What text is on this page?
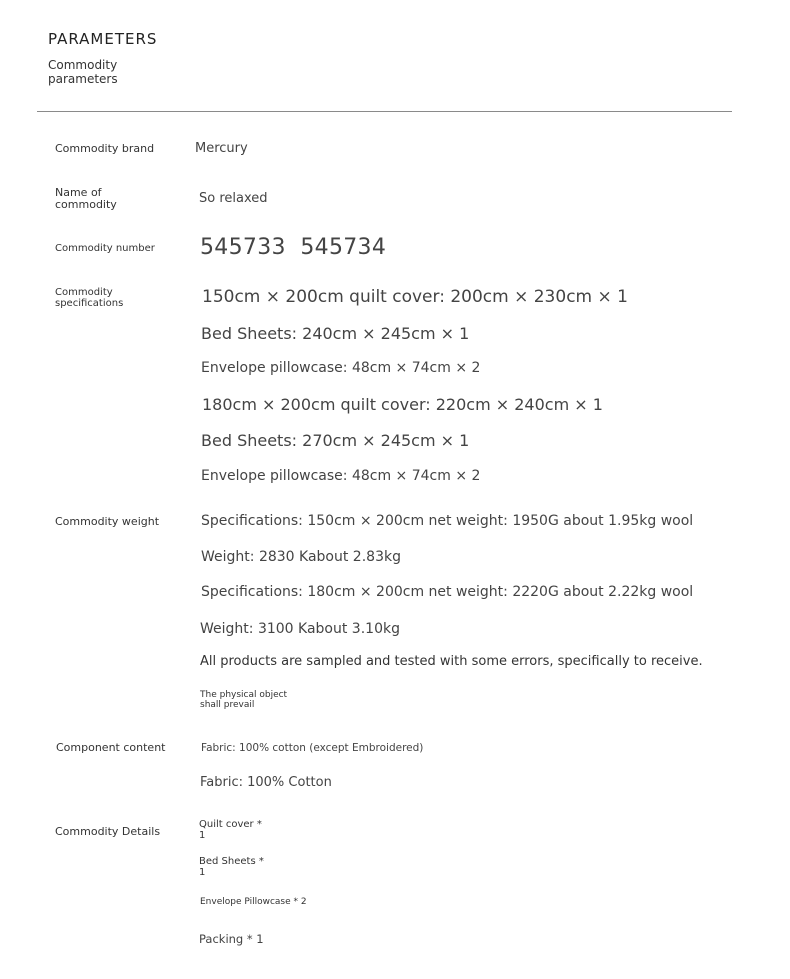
PARAMETERS
Commodity parameters
Commodity brand	Mercury
Name of commodity	So relaxed
Commodity number 545733  545734
Commodity specifications	150cm × 200cm quilt cover: 200cm × 230cm × 1
Bed Sheets: 240cm × 245cm × 1
Envelope pillowcase: 48cm × 74cm × 2
180cm × 200cm quilt cover: 220cm × 240cm × 1
Bed Sheets: 270cm × 245cm × 1
Envelope pillowcase: 48cm × 74cm × 2
Commodity weight	Specifications: 150cm × 200cm net weight: 1950G about 1.95kg wool
Weight: 2830 Kabout 2.83kg
Specifications: 180cm × 200cm net weight: 2220G about 2.22kg wool
Weight: 3100 Kabout 3.10kg
All products are sampled and tested with some errors, specifically to receive.
The physical object shall prevail
Component content	Fabric: 100% cotton (except Embroidered)
Fabric: 100% Cotton
Commodity Details
Quilt cover * 1
Bed Sheets * 1
Envelope Pillowcase * 2
Packing * 1
